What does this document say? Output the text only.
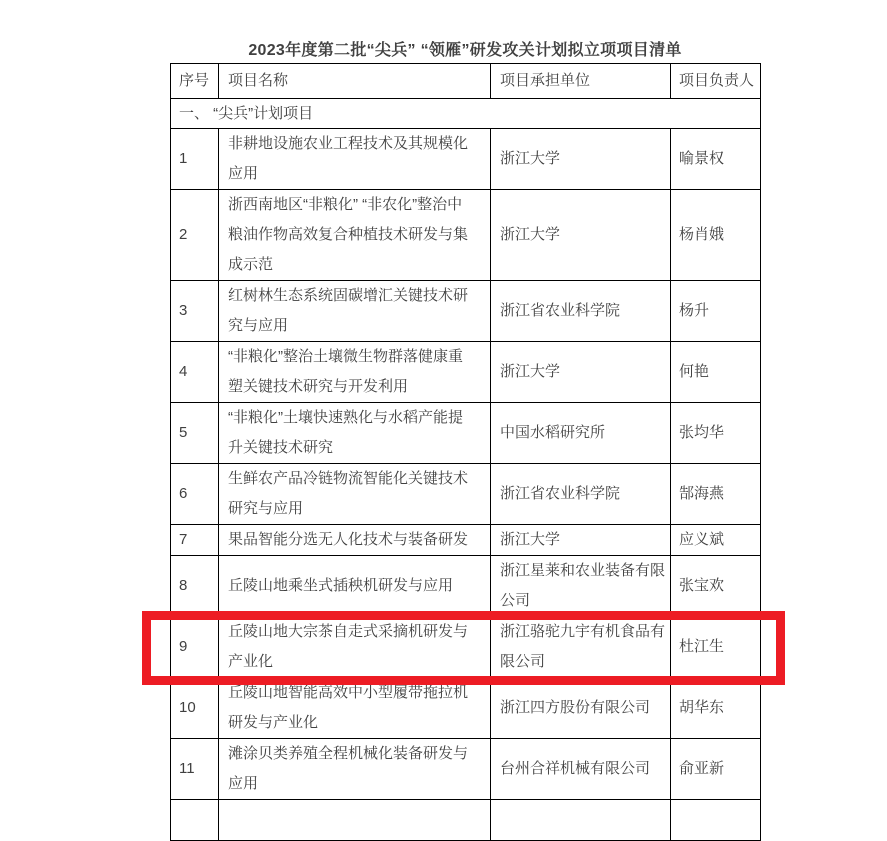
2023年度第二批“尖兵” “领雁”研发攻关计划拟立项项目清单
序号	项目名称	项目承担单位	项目负责人
一、 “尖兵”计划项目			
1	非耕地设施农业工程技术及其规模化应用	浙江大学	喻景权
2	浙西南地区“非粮化” “非农化”整治中粮油作物高效复合种植技术研发与集成示范	浙江大学	杨肖娥
3	红树林生态系统固碳增汇关键技术研究与应用	浙江省农业科学院	杨升
4	“非粮化”整治土壤微生物群落健康重塑关键技术研究与开发利用	浙江大学	何艳
5	“非粮化”土壤快速熟化与水稻产能提升关键技术研究	中国水稻研究所	张均华
6	生鲜农产品冷链物流智能化关键技术研究与应用	浙江省农业科学院	郜海燕
7	果品智能分选无人化技术与装备研发	浙江大学	应义斌
8	丘陵山地乘坐式插秧机研发与应用	浙江星莱和农业装备有限公司	张宝欢
9	丘陵山地大宗茶自走式采摘机研发与产业化	浙江骆驼九宇有机食品有限公司	杜江生
10	丘陵山地智能高效中小型履带拖拉机研发与产业化	浙江四方股份有限公司	胡华东
11	滩涂贝类养殖全程机械化装备研发与应用	台州合祥机械有限公司	俞亚新
